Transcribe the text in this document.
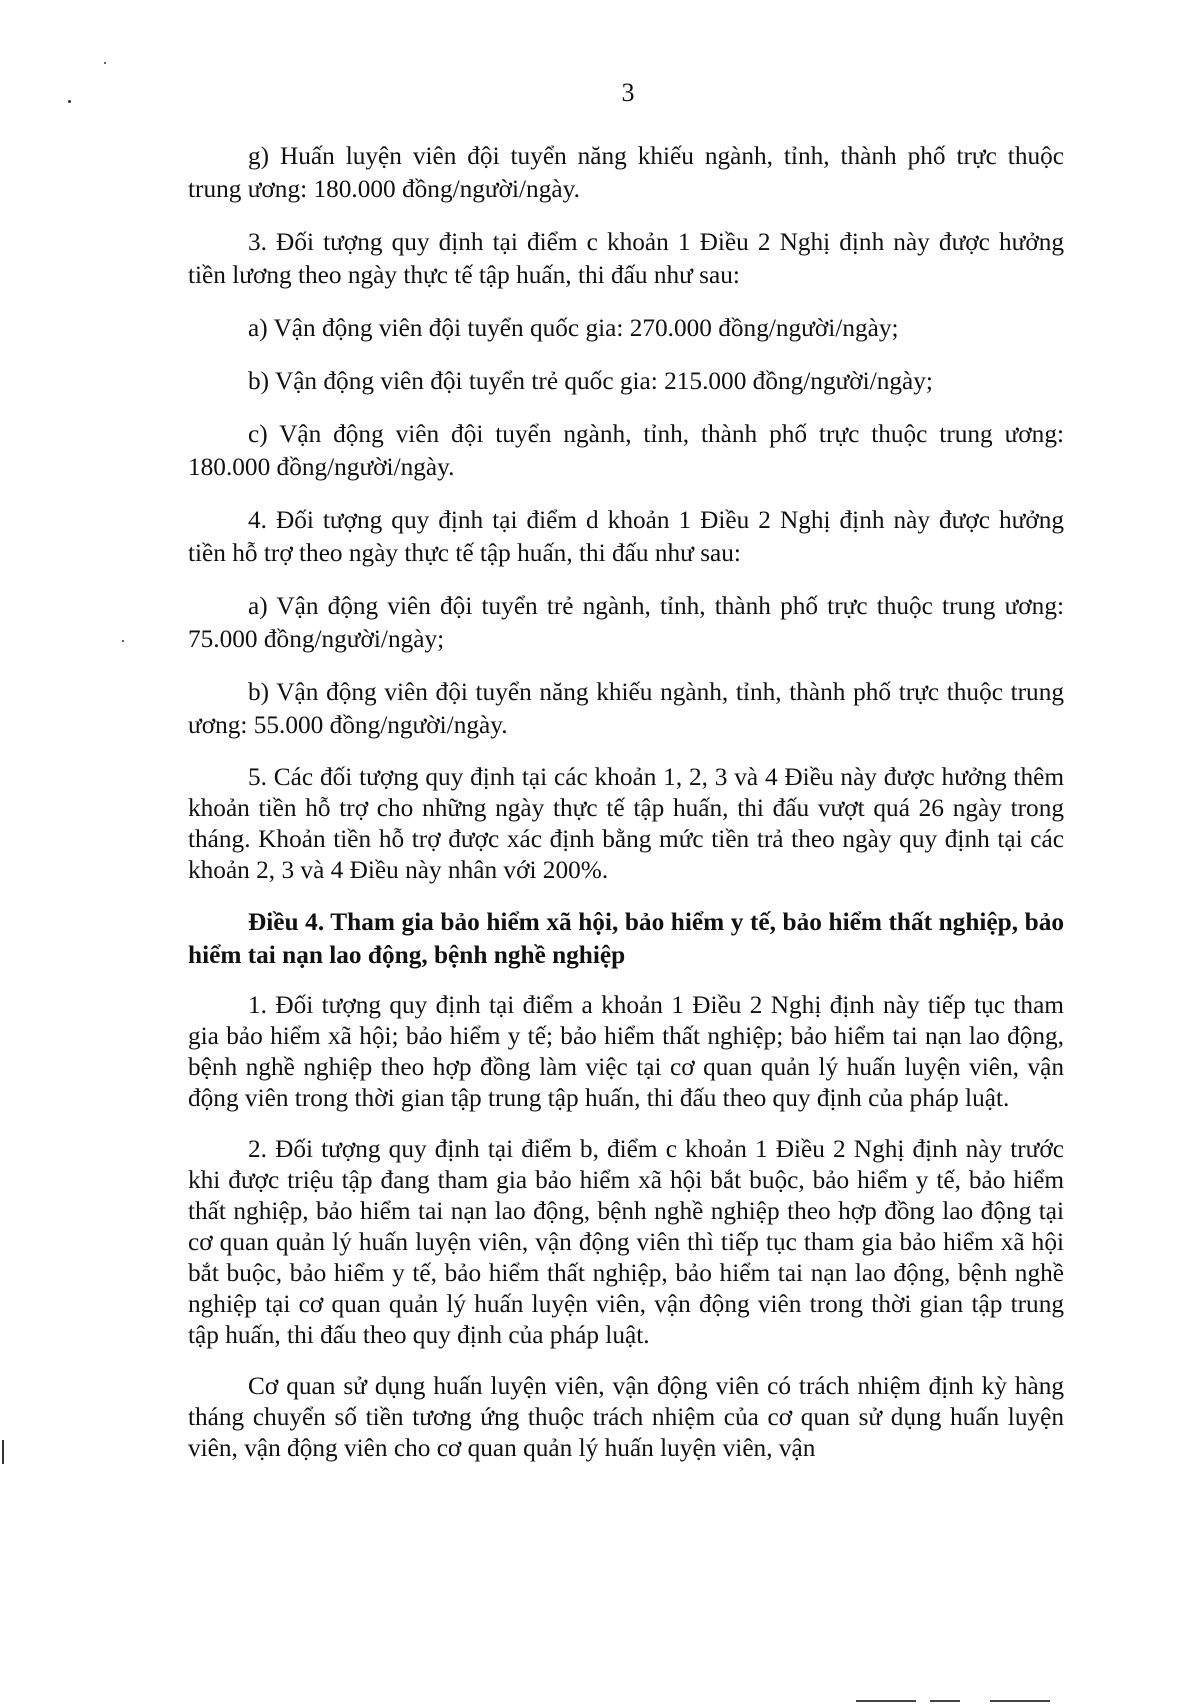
3

g) Huấn luyện viên đội tuyển năng khiếu ngành, tỉnh, thành phố trực thuộc trung ương: 180.000 đồng/người/ngày.

3. Đối tượng quy định tại điểm c khoản 1 Điều 2 Nghị định này được hưởng tiền lương theo ngày thực tế tập huấn, thi đấu như sau:

a) Vận động viên đội tuyển quốc gia: 270.000 đồng/người/ngày;

b) Vận động viên đội tuyển trẻ quốc gia: 215.000 đồng/người/ngày;

c) Vận động viên đội tuyển ngành, tỉnh, thành phố trực thuộc trung ương: 180.000 đồng/người/ngày.

4. Đối tượng quy định tại điểm d khoản 1 Điều 2 Nghị định này được hưởng tiền hỗ trợ theo ngày thực tế tập huấn, thi đấu như sau:

a) Vận động viên đội tuyển trẻ ngành, tỉnh, thành phố trực thuộc trung ương: 75.000 đồng/người/ngày;

b) Vận động viên đội tuyển năng khiếu ngành, tỉnh, thành phố trực thuộc trung ương: 55.000 đồng/người/ngày.

5. Các đối tượng quy định tại các khoản 1, 2, 3 và 4 Điều này được hưởng thêm khoản tiền hỗ trợ cho những ngày thực tế tập huấn, thi đấu vượt quá 26 ngày trong tháng. Khoản tiền hỗ trợ được xác định bằng mức tiền trả theo ngày quy định tại các khoản 2, 3 và 4 Điều này nhân với 200%.

Điều 4. Tham gia bảo hiểm xã hội, bảo hiểm y tế, bảo hiểm thất nghiệp, bảo hiểm tai nạn lao động, bệnh nghề nghiệp

1. Đối tượng quy định tại điểm a khoản 1 Điều 2 Nghị định này tiếp tục tham gia bảo hiểm xã hội; bảo hiểm y tế; bảo hiểm thất nghiệp; bảo hiểm tai nạn lao động, bệnh nghề nghiệp theo hợp đồng làm việc tại cơ quan quản lý huấn luyện viên, vận động viên trong thời gian tập trung tập huấn, thi đấu theo quy định của pháp luật.

2. Đối tượng quy định tại điểm b, điểm c khoản 1 Điều 2 Nghị định này trước khi được triệu tập đang tham gia bảo hiểm xã hội bắt buộc, bảo hiểm y tế, bảo hiểm thất nghiệp, bảo hiểm tai nạn lao động, bệnh nghề nghiệp theo hợp đồng lao động tại cơ quan quản lý huấn luyện viên, vận động viên thì tiếp tục tham gia bảo hiểm xã hội bắt buộc, bảo hiểm y tế, bảo hiểm thất nghiệp, bảo hiểm tai nạn lao động, bệnh nghề nghiệp tại cơ quan quản lý huấn luyện viên, vận động viên trong thời gian tập trung tập huấn, thi đấu theo quy định của pháp luật.

Cơ quan sử dụng huấn luyện viên, vận động viên có trách nhiệm định kỳ hàng tháng chuyển số tiền tương ứng thuộc trách nhiệm của cơ quan sử dụng huấn luyện viên, vận động viên cho cơ quan quản lý huấn luyện viên, vận
